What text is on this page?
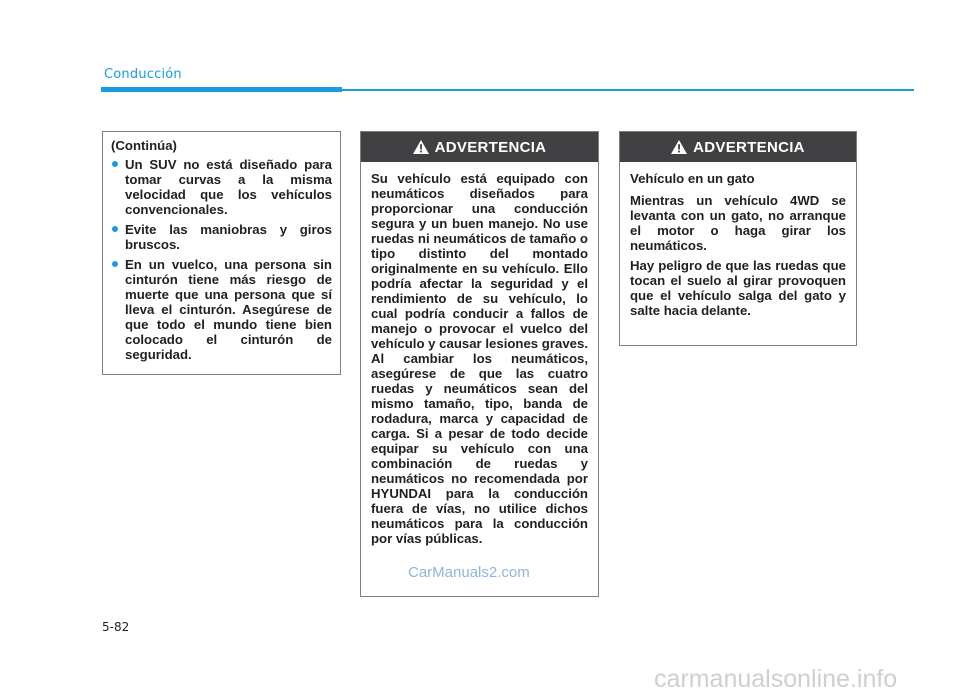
Conducción
(Continúa)
Un SUV no está diseñado para tomar curvas a la misma velocidad que los vehículos convencionales.
Evite las maniobras y giros bruscos.
En un vuelco, una persona sin cinturón tiene más riesgo de muerte que una persona que sí lleva el cinturón. Asegúrese de que todo el mundo tiene bien colocado el cinturón de seguridad.
ADVERTENCIA

Su vehículo está equipado con neumáticos diseñados para proporcionar una conducción segura y un buen manejo. No use ruedas ni neumáticos de tamaño o tipo distinto del montado originalmente en su vehículo. Ello podría afectar la seguridad y el rendimiento de su vehículo, lo cual podría conducir a fallos de manejo o provocar el vuelco del vehículo y causar lesiones graves. Al cambiar los neumáticos, asegúrese de que las cuatro ruedas y neumáticos sean del mismo tamaño, tipo, banda de rodadura, marca y capacidad de carga. Si a pesar de todo decide equipar su vehículo con una combinación de ruedas y neumáticos no recomendada por HYUNDAI para la conducción fuera de vías, no utilice dichos neumáticos para la conducción por vías públicas.

ADVERTENCIA

Vehículo en un gato

Mientras un vehículo 4WD se levanta con un gato, no arranque el motor o haga girar los neumáticos.

Hay peligro de que las ruedas que tocan el suelo al girar provoquen que el vehículo salga del gato y salte hacia delante.

CarManuals2.com
5-82
carmanualsonline.info
